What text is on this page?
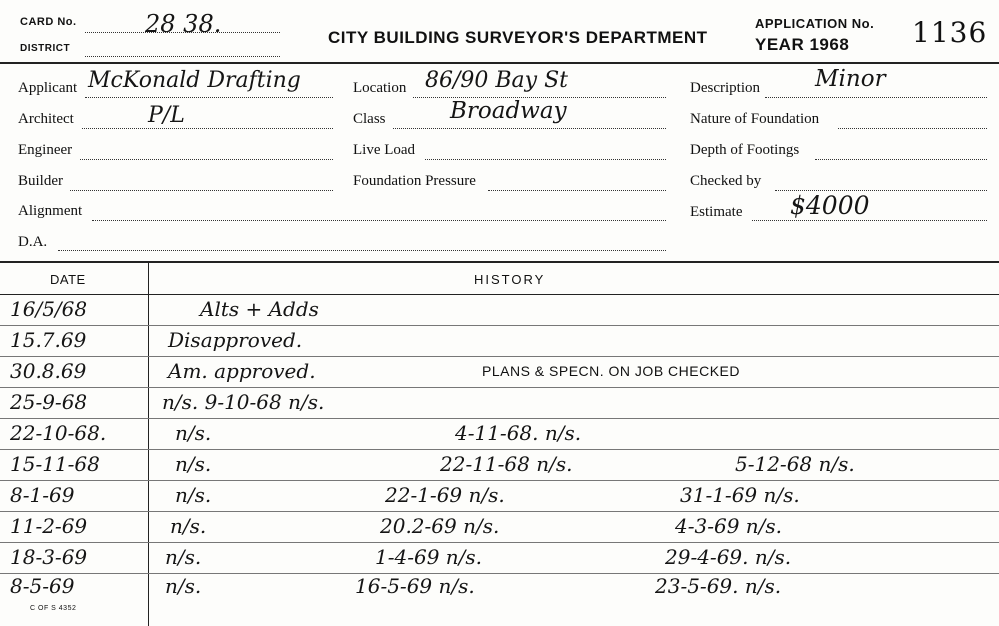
CARD No.	28 38.
DISTRICT
CITY BUILDING SURVEYOR'S DEPARTMENT
APPLICATION No.
YEAR 1968 1136
Applicant McKonald Drafting
Architect	P/L
Engineer
Builder
Alignment
D.A.
Location 86/90 Bay St
Class	Broadway
Live Load
Foundation Pressure
Description Minor
Nature of Foundation
Depth of Footings
Checked by
Estimate $4000
DATE	HISTORY
16/5/68	Alts + Adds
15.7.69	Disapproved.
30.8.69	Am. approved.	PLANS & SPECN. ON JOB CHECKED
25-9-68	n/s. 9-10-68 n/s.
22-10-68.	n/s.	4-11-68. n/s.
15-11-68	n/s.	22-11-68 n/s.	5-12-68 n/s.
8-1-69	n/s.	22-1-69 n/s.	31-1-69 n/s.
11-2-69	n/s.	20.2-69 n/s.	4-3-69 n/s.
18-3-69	n/s.	1-4-69 n/s.	29-4-69. n/s.
8-5-69	n/s.	16-5-69 n/s.	23-5-69. n/s.
C OF S 4352
